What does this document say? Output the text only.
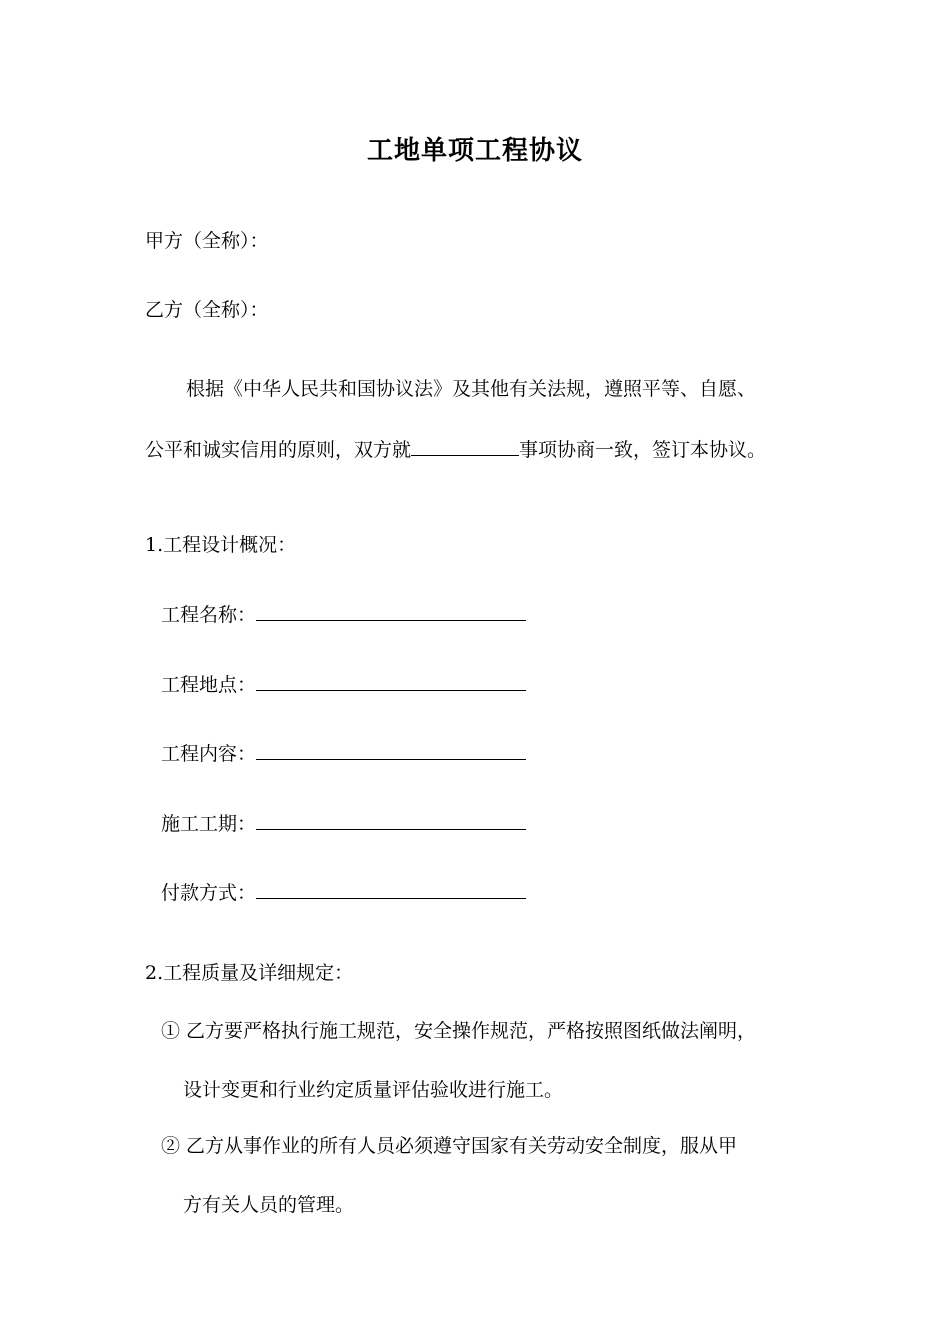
工地单项工程协议
甲方（全称）：
乙方（全称）：
根据《中华人民共和国协议法》及其他有关法规，遵照平等、自愿、
公平和诚实信用的原则，双方就	事项协商一致，签订本协议。
1.工程设计概况：
工程名称：
工程地点：
工程内容：
施工工期：
付款方式：
2.工程质量及详细规定：
① 乙方要严格执行施工规范，安全操作规范，严格按照图纸做法阐明，
设计变更和行业约定质量评估验收进行施工。
② 乙方从事作业的所有人员必须遵守国家有关劳动安全制度，服从甲
方有关人员的管理。
